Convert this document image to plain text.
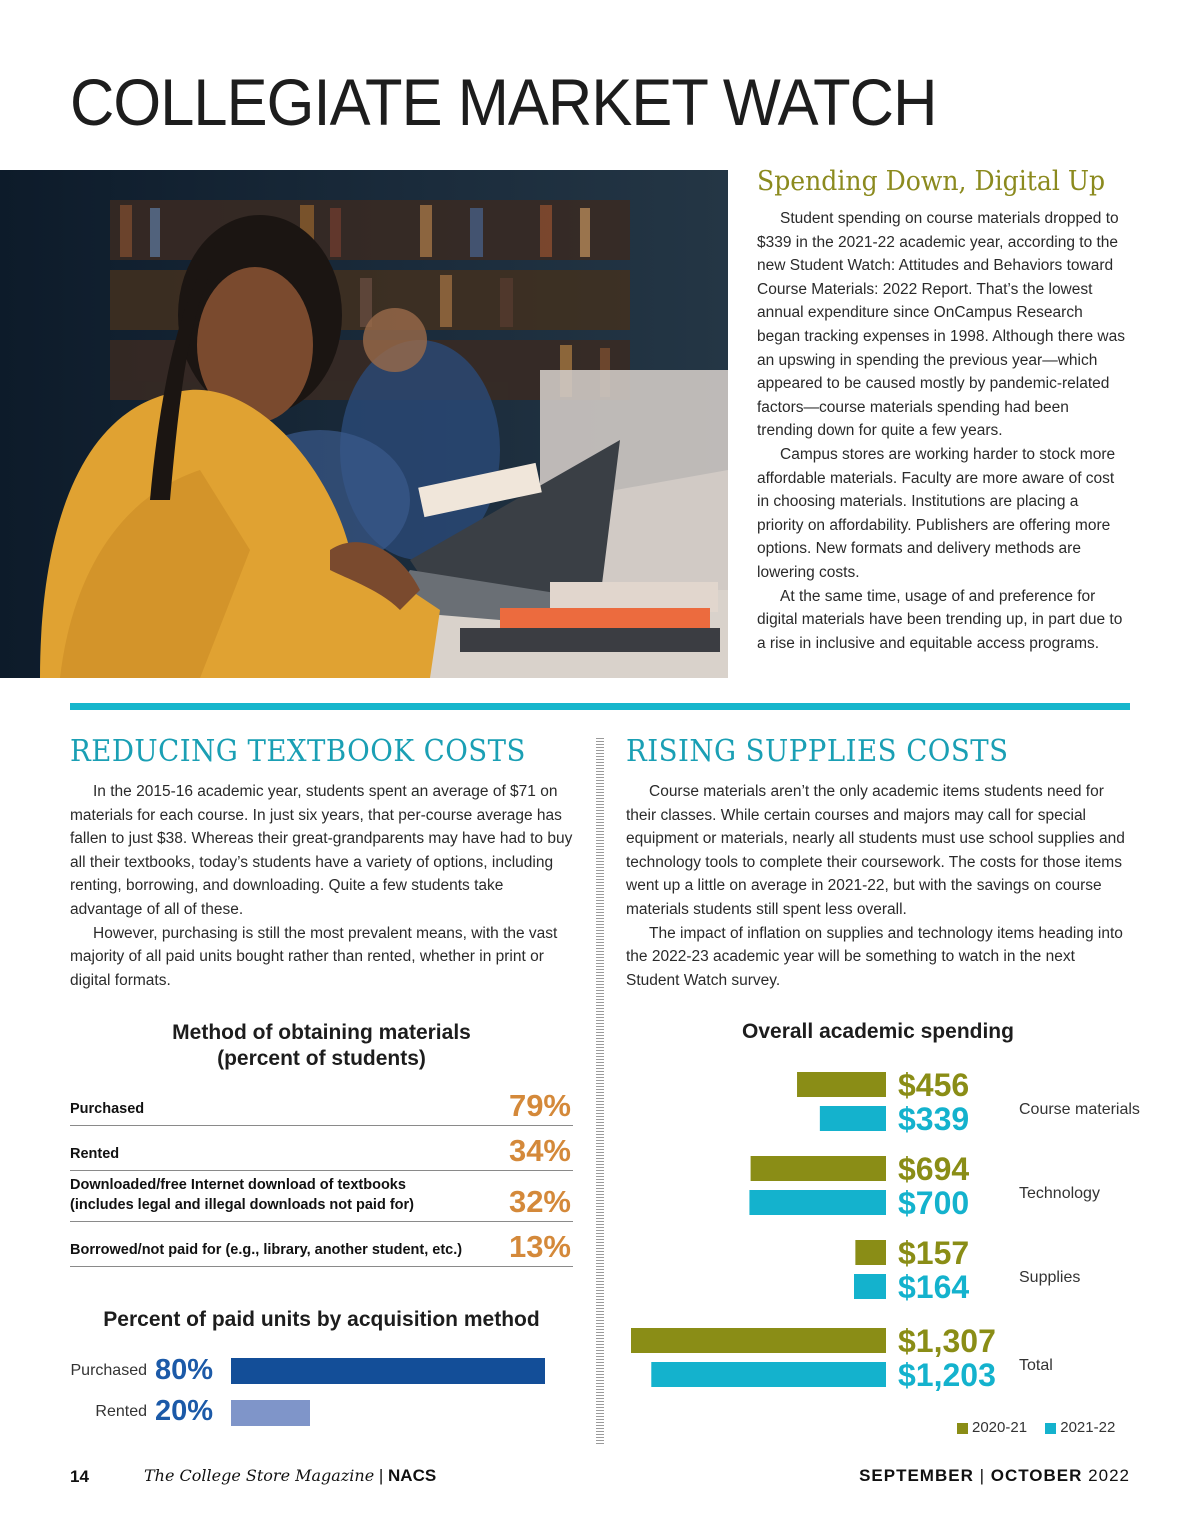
COLLEGIATE MARKET WATCH
Spending Down, Digital Up

Student spending on course materials dropped to $339 in the 2021-22 academic year, according to the new Student Watch: Attitudes and Behaviors toward Course Materials: 2022 Report. That’s the lowest annual expenditure since OnCampus Research began tracking expenses in 1998. Although there was an upswing in spending the previous year—which appeared to be caused mostly by pandemic-related factors—course materials spending had been trending down for quite a few years.

Campus stores are working harder to stock more affordable materials. Faculty are more aware of cost in choosing materials. Institutions are placing a priority on affordability. Publishers are offering more options. New formats and delivery methods are lowering costs.

At the same time, usage of and preference for digital materials have been trending up, in part due to a rise in inclusive and equitable access programs.

REDUCING TEXTBOOK COSTS

In the 2015-16 academic year, students spent an average of $71 on materials for each course. In just six years, that per-course average has fallen to just $38. Whereas their great-grandparents may have had to buy all their textbooks, today’s students have a variety of options, including renting, borrowing, and downloading. Quite a few students take advantage of all of these.

However, purchasing is still the most prevalent means, with the vast majority of all paid units bought rather than rented, whether in print or digital formats.

RISING SUPPLIES COSTS

Course materials aren’t the only academic items students need for their classes. While certain courses and majors may call for special equipment or materials, nearly all students must use school supplies and technology tools to complete their coursework. The costs for those items went up a little on average in 2021-22, but with the savings on course materials students still spent less overall.

The impact of inflation on supplies and technology items heading into the 2022-23 academic year will be something to watch in the next Student Watch survey.

Method of obtaining materials
(percent of students)
Purchased	79%
Rented	34%
Downloaded/free Internet download of textbooks
(includes legal and illegal downloads not paid for)	32%
Borrowed/not paid for (e.g., library, another student, etc.) 13%
Percent of paid units by acquisition method
Purchased 80%
Rented 20%
Overall academic spending
$456
$339	Course materials
$694
$700	Technology
$157
$164	Supplies
$1,307
$1,203 Total
2020-21 2021-22
14	The College Store Magazine | NACS	SEPTEMBER | OCTOBER 2022
